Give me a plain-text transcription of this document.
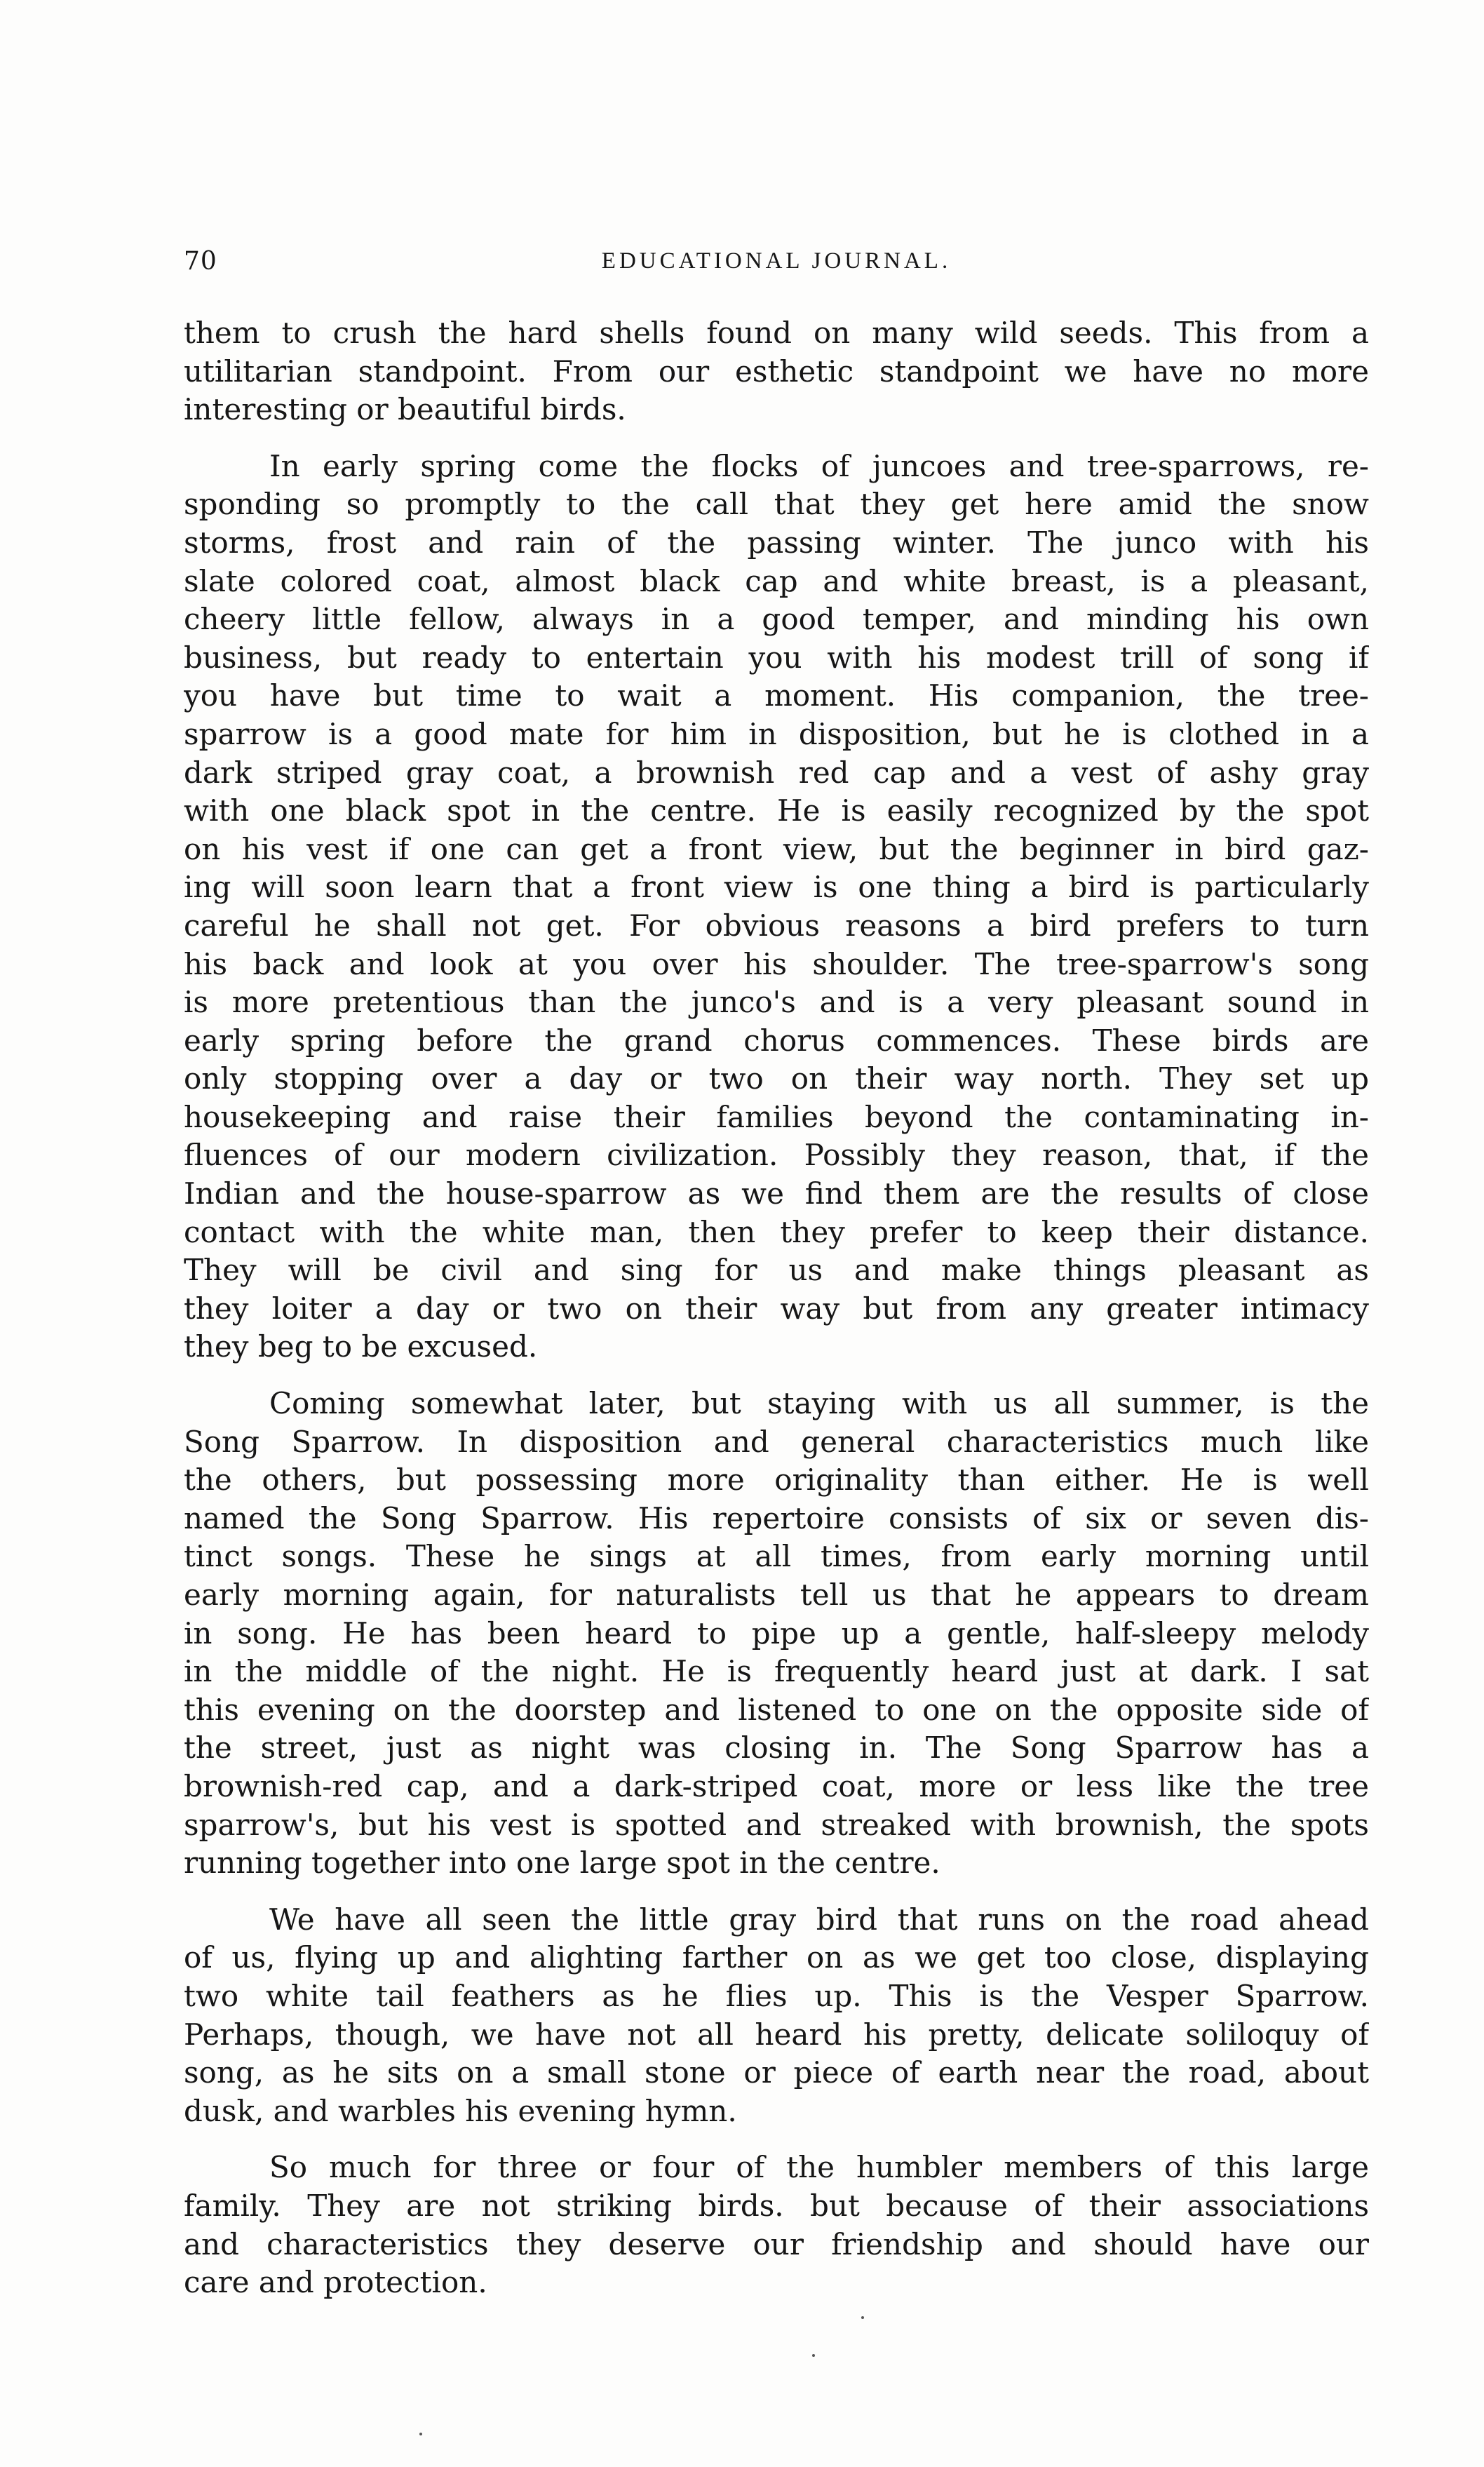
70	EDUCATIONAL JOURNAL.

them to crush the hard shells found on many wild seeds. This from a
utilitarian standpoint. From our esthetic standpoint we have no more
interesting or beautiful birds.

In early spring come the flocks of juncoes and tree-sparrows, re-
sponding so promptly to the call that they get here amid the snow
storms, frost and rain of the passing winter. The junco with his
slate colored coat, almost black cap and white breast, is a pleasant,
cheery little fellow, always in a good temper, and minding his own
business, but ready to entertain you with his modest trill of song if
you have but time to wait a moment. His companion, the tree-
sparrow is a good mate for him in disposition, but he is clothed in a
dark striped gray coat, a brownish red cap and a vest of ashy gray
with one black spot in the centre. He is easily recognized by the spot
on his vest if one can get a front view, but the beginner in bird gaz-
ing will soon learn that a front view is one thing a bird is particularly
careful he shall not get. For obvious reasons a bird prefers to turn
his back and look at you over his shoulder. The tree-sparrow's song
is more pretentious than the junco's and is a very pleasant sound in
early spring before the grand chorus commences. These birds are
only stopping over a day or two on their way north. They set up
housekeeping and raise their families beyond the contaminating in-
fluences of our modern civilization. Possibly they reason, that, if the
Indian and the house-sparrow as we find them are the results of close
contact with the white man, then they prefer to keep their distance.
They will be civil and sing for us and make things pleasant as
they loiter a day or two on their way but from any greater intimacy
they beg to be excused.

Coming somewhat later, but staying with us all summer, is the
Song Sparrow. In disposition and general characteristics much like
the others, but possessing more originality than either. He is well
named the Song Sparrow. His repertoire consists of six or seven dis-
tinct songs. These he sings at all times, from early morning until
early morning again, for naturalists tell us that he appears to dream
in song. He has been heard to pipe up a gentle, half-sleepy melody
in the middle of the night. He is frequently heard just at dark. I sat
this evening on the doorstep and listened to one on the opposite side of
the street, just as night was closing in. The Song Sparrow has a
brownish-red cap, and a dark-striped coat, more or less like the tree
sparrow's, but his vest is spotted and streaked with brownish, the spots
running together into one large spot in the centre.

We have all seen the little gray bird that runs on the road ahead
of us, flying up and alighting farther on as we get too close, displaying
two white tail feathers as he flies up. This is the Vesper Sparrow.
Perhaps, though, we have not all heard his pretty, delicate soliloquy of
song, as he sits on a small stone or piece of earth near the road, about
dusk, and warbles his evening hymn.

So much for three or four of the humbler members of this large
family. They are not striking birds. but because of their associations
and characteristics they deserve our friendship and should have our
care and protection.
